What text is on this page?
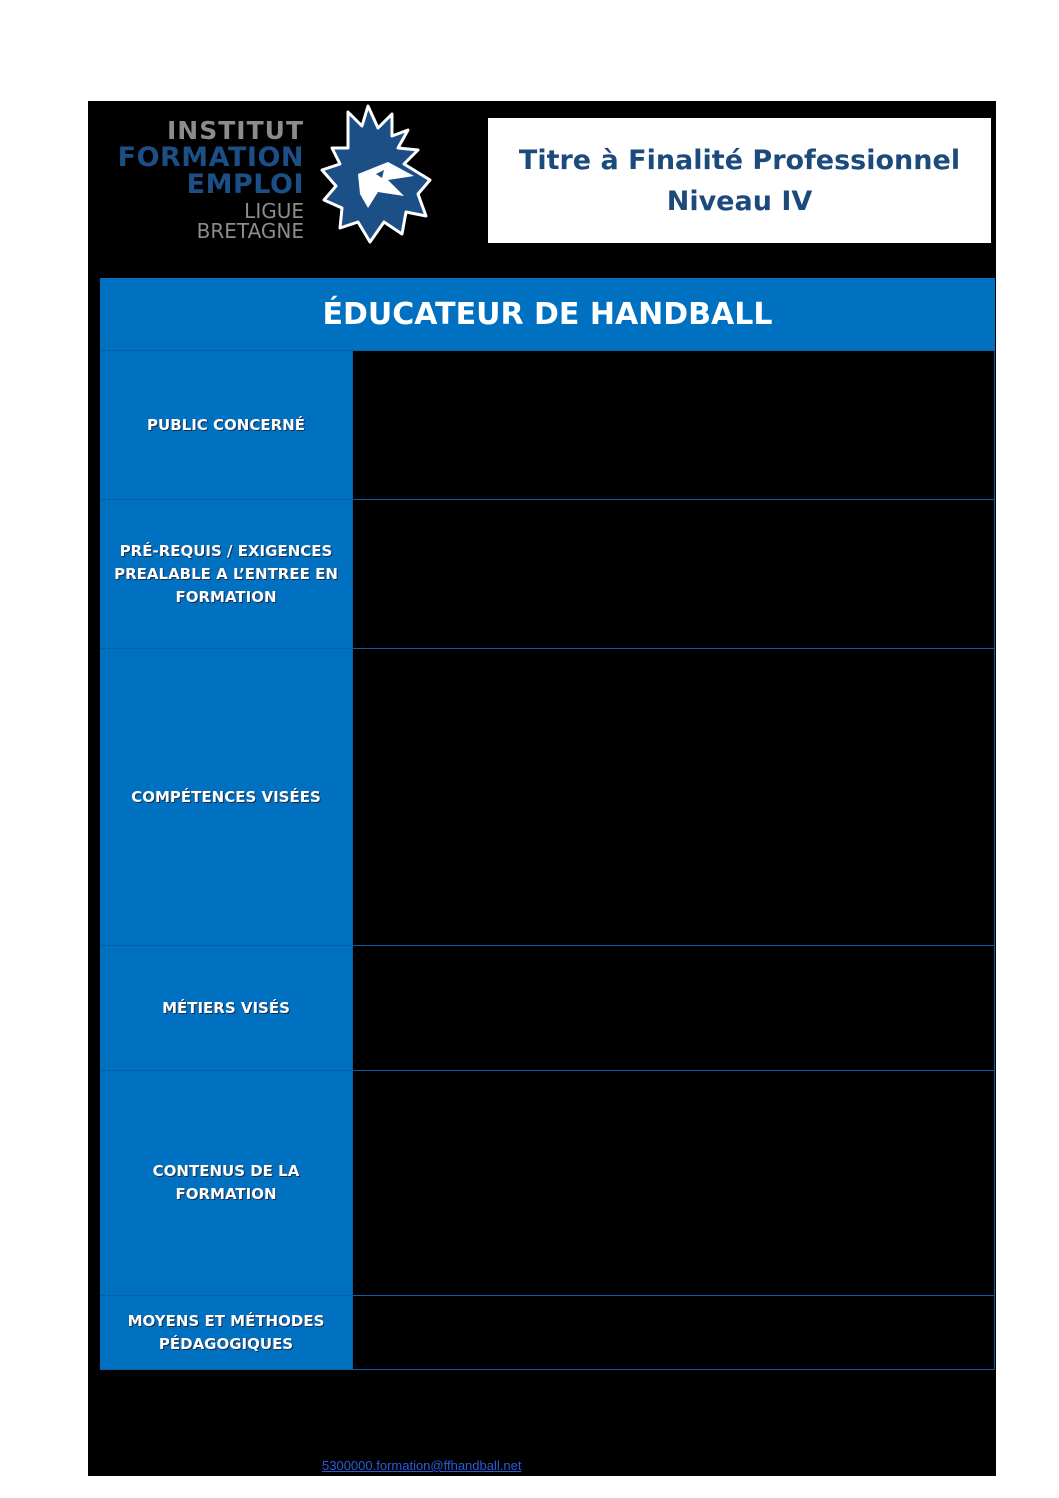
INSTITUT
FORMATION
EMPLOI
LIGUE
BRETAGNE
Titre à Finalité Professionnel
Niveau IV
ÉDUCATEUR DE HANDBALL
PUBLIC CONCERNÉ
PRÉ-REQUIS / EXIGENCES PREALABLE A L’ENTREE EN FORMATION
COMPÉTENCES VISÉES
MÉTIERS VISÉS
CONTENUS DE LA FORMATION
MOYENS ET MÉTHODES PÉDAGOGIQUES
5300000.formation@ffhandball.net
